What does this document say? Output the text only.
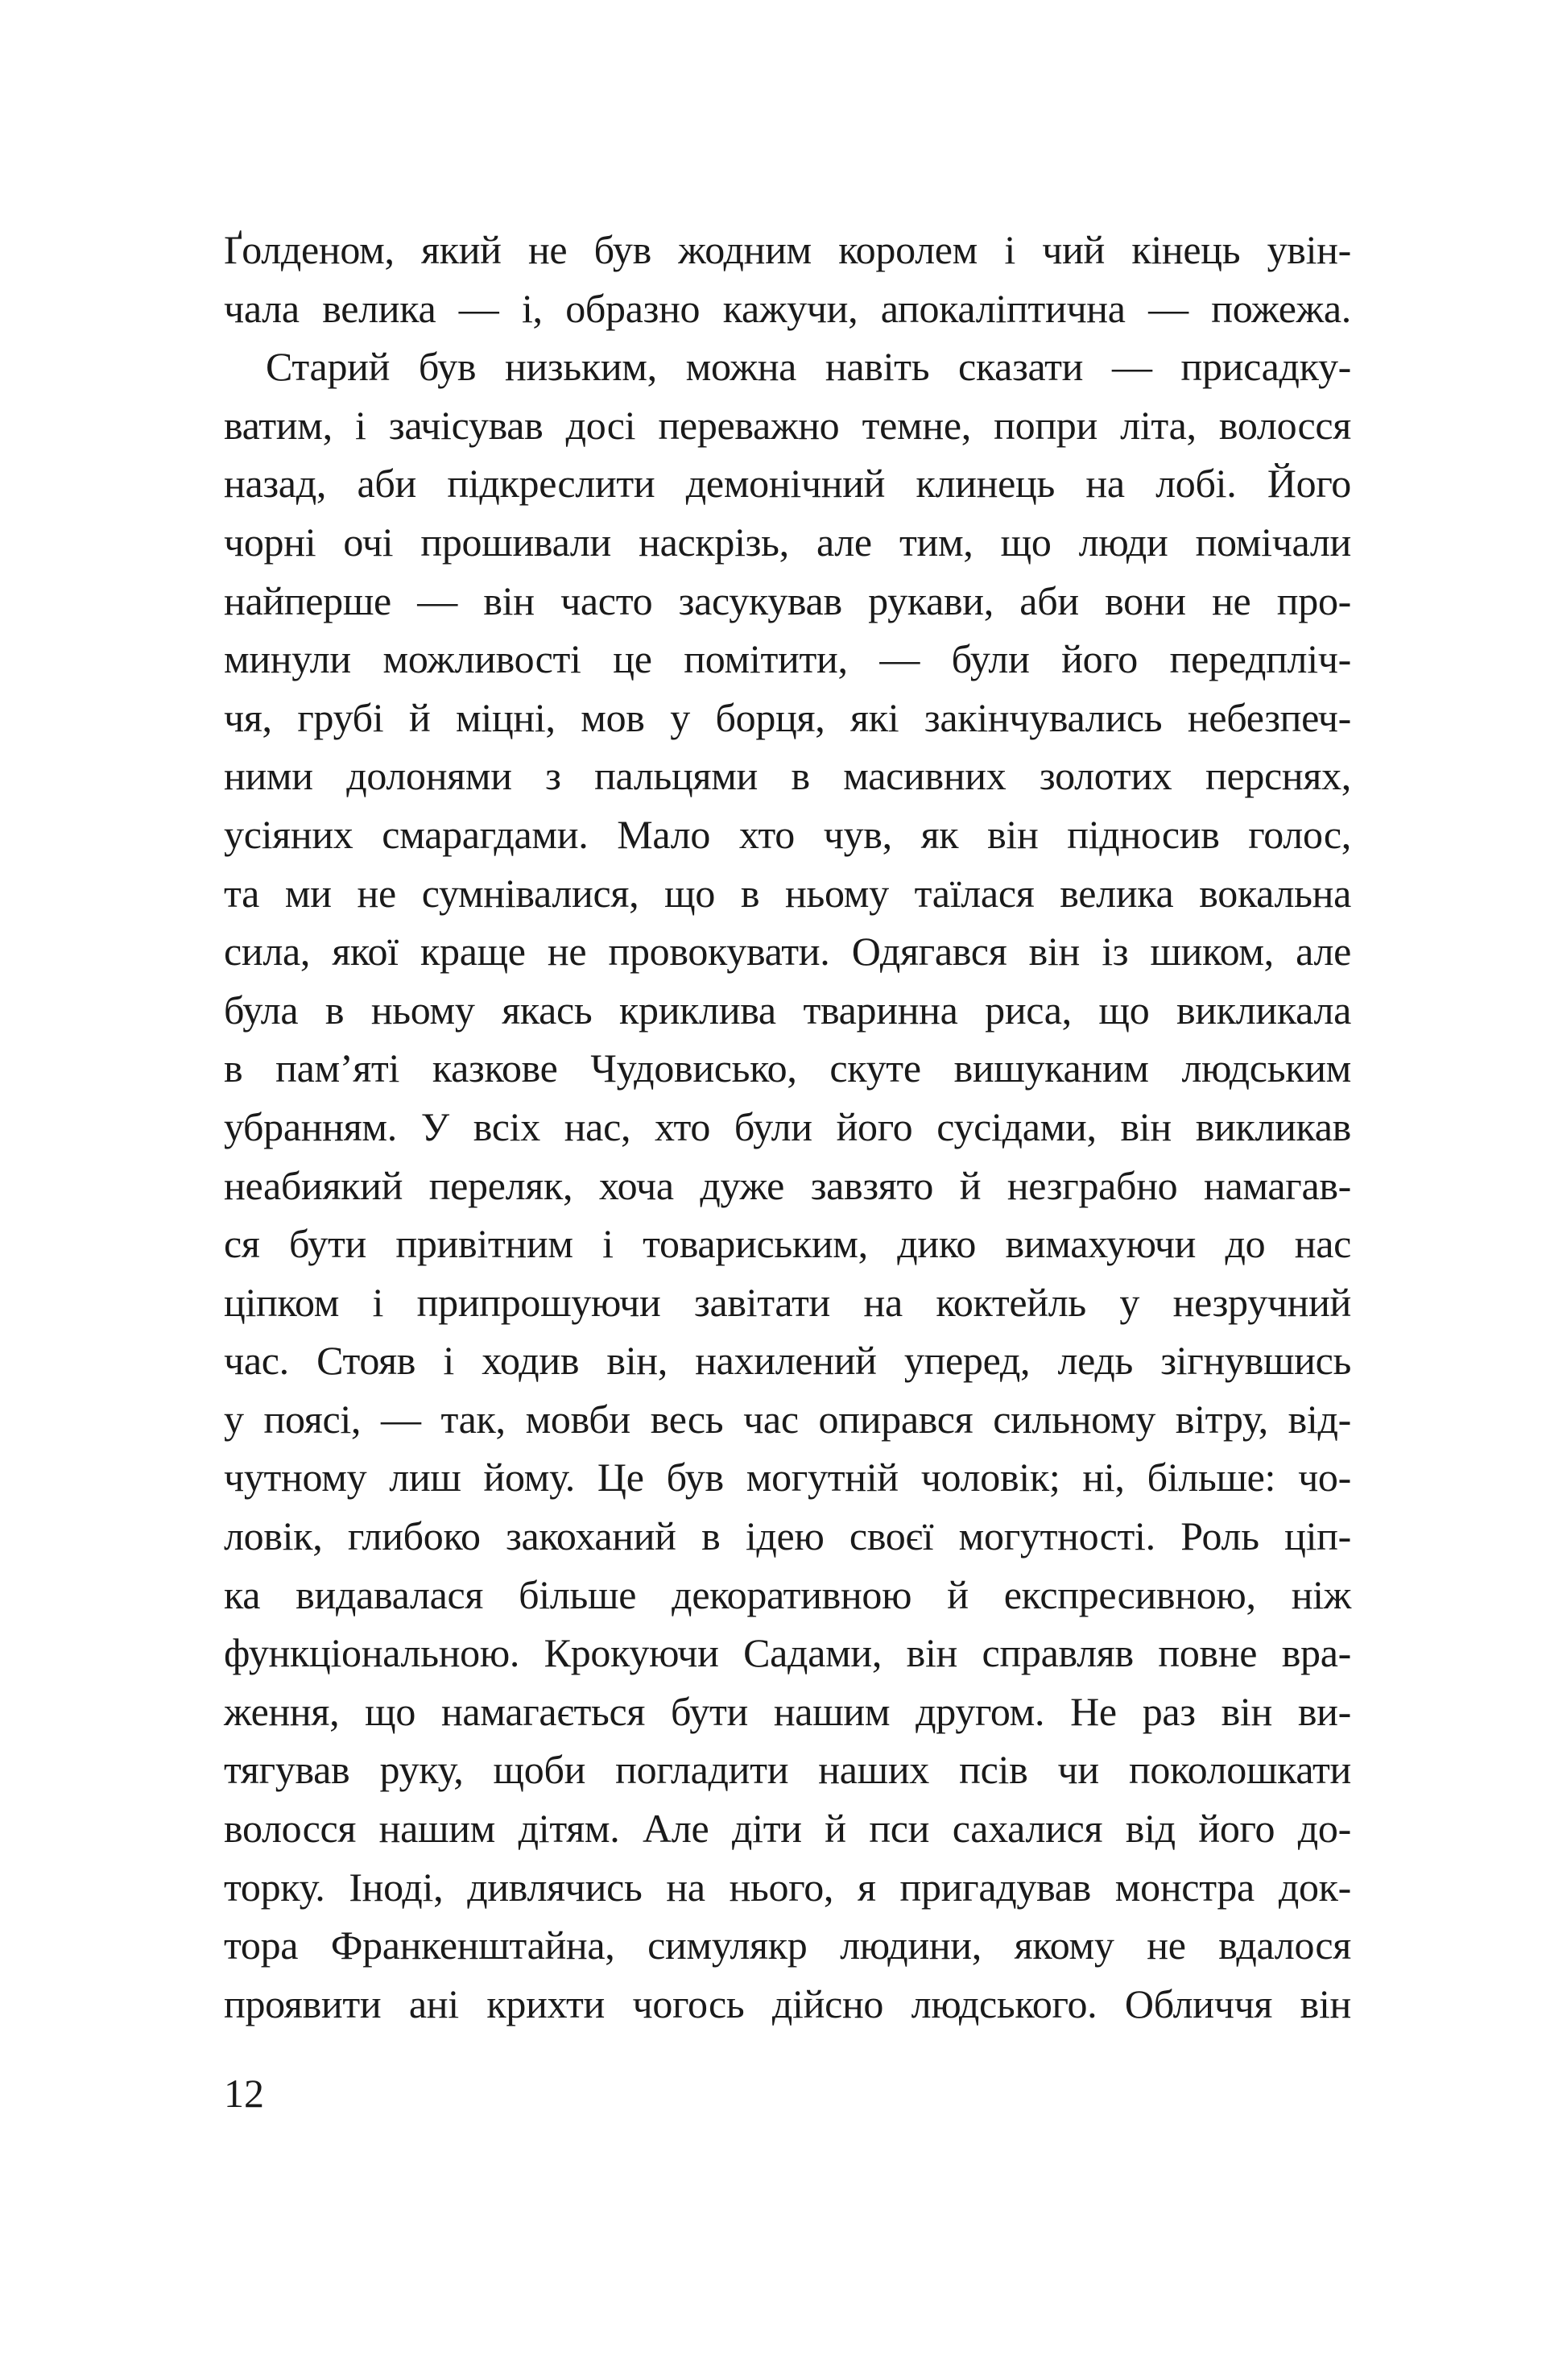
Ґолденом, який не був жодним королем і чий кінець увін-
чала велика — і, образно кажучи, апокаліптична — пожежа.
Старий був низьким, можна навіть сказати — присадку-
ватим, і зачісував досі переважно темне, попри літа, волосся
назад, аби підкреслити демонічний клинець на лобі. Його
чорні очі прошивали наскрізь, але тим, що люди помічали
найперше — він часто засукував рукави, аби вони не про-
минули можливості це помітити, — були його передпліч-
чя, грубі й міцні, мов у борця, які закінчувались небезпеч-
ними долонями з пальцями в масивних золотих перснях,
усіяних смарагдами. Мало хто чув, як він підносив голос,
та ми не сумнівалися, що в ньому таїлася велика вокальна
сила, якої краще не провокувати. Одягався він із шиком, але
була в ньому якась криклива тваринна риса, що викликала
в пам’яті казкове Чудовисько, скуте вишуканим людським
убранням. У всіх нас, хто були його сусідами, він викликав
неабиякий переляк, хоча дуже завзято й незграбно намагав-
ся бути привітним і товариським, дико вимахуючи до нас
ціпком і припрошуючи завітати на коктейль у незручний
час. Стояв і ходив він, нахилений уперед, ледь зігнувшись
у поясі, — так, мовби весь час опирався сильному вітру, від-
чутному лиш йому. Це був могутній чоловік; ні, більше: чо-
ловік, глибоко закоханий в ідею своєї могутності. Роль ціп-
ка видавалася більше декоративною й експресивною, ніж
функціональною. Крокуючи Садами, він справляв повне вра-
ження, що намагається бути нашим другом. Не раз він ви-
тягував руку, щоби погладити наших псів чи поколошкати
волосся нашим дітям. Але діти й пси сахалися від його до-
торку. Іноді, дивлячись на нього, я пригадував монстра док-
тора Франкенштайна, симулякр людини, якому не вдалося
проявити ані крихти чогось дійсно людського. Обличчя він
12
